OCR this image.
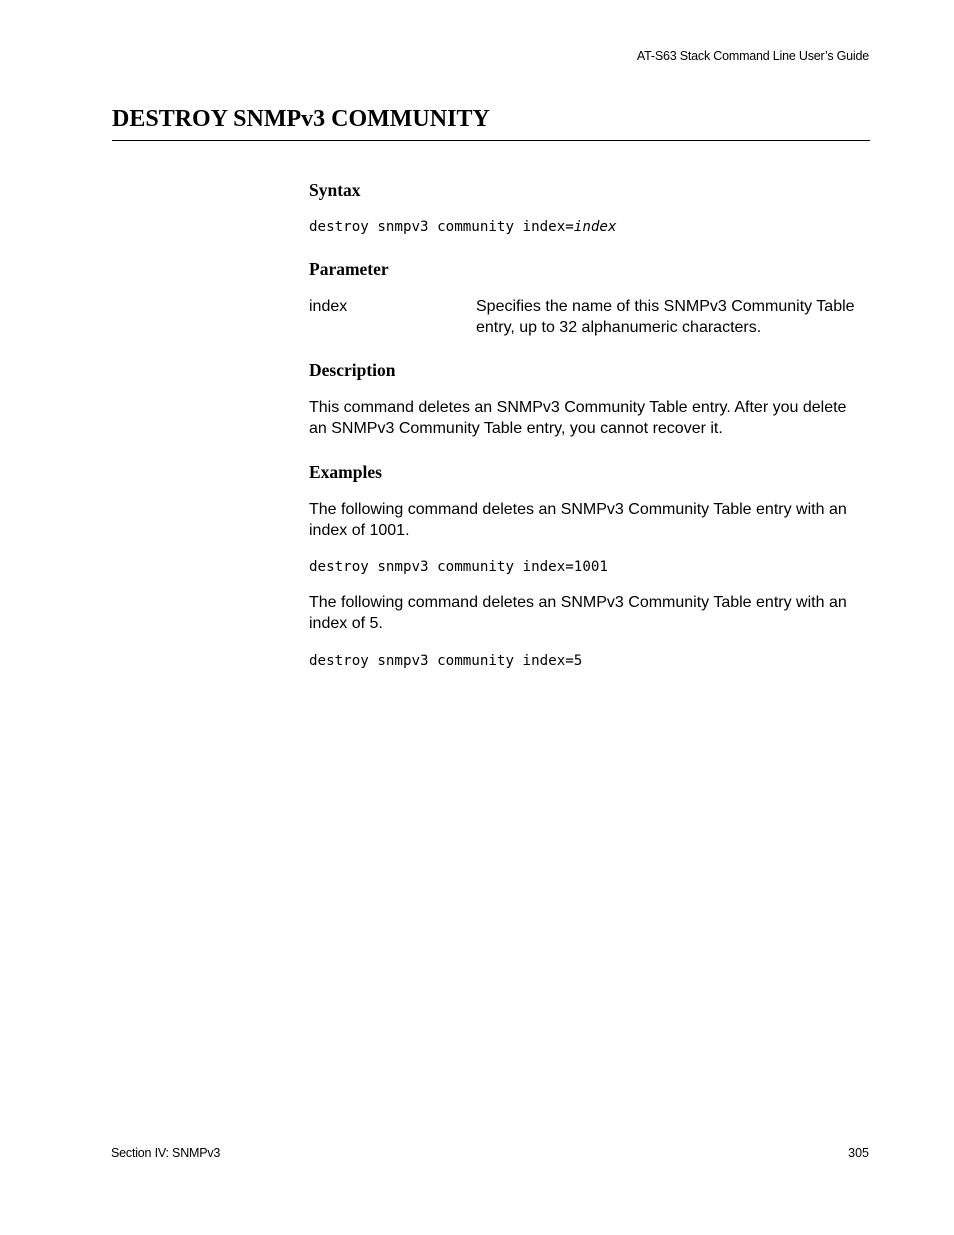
AT-S63 Stack Command Line User’s Guide
DESTROY SNMPv3 COMMUNITY
Syntax
destroy snmpv3 community index=index
Parameter
index	Specifies the name of this SNMPv3 Community Table entry, up to 32 alphanumeric characters.
Description
This command deletes an SNMPv3 Community Table entry. After you delete an SNMPv3 Community Table entry, you cannot recover it.
Examples
The following command deletes an SNMPv3 Community Table entry with an index of 1001.
destroy snmpv3 community index=1001
The following command deletes an SNMPv3 Community Table entry with an index of 5.
destroy snmpv3 community index=5
Section IV: SNMPv3	305
